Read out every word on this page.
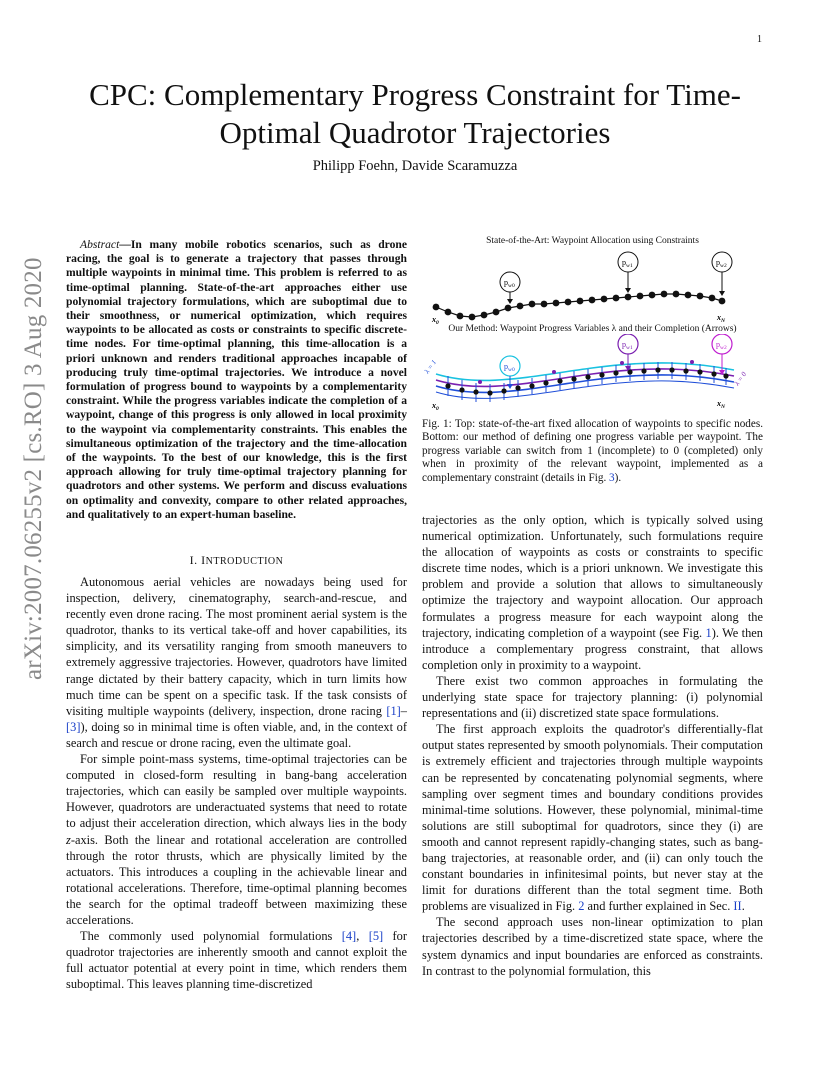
1
CPC: Complementary Progress Constraint for Time-Optimal Quadrotor Trajectories
Philipp Foehn, Davide Scaramuzza
arXiv:2007.06255v2 [cs.RO] 3 Aug 2020

Abstract—In many mobile robotics scenarios, such as drone racing, the goal is to generate a trajectory that passes through multiple waypoints in minimal time. This problem is referred to as time-optimal planning. State-of-the-art approaches either use polynomial trajectory formulations, which are suboptimal due to their smoothness, or numerical optimization, which requires waypoints to be allocated as costs or constraints to specific discrete-time nodes. For time-optimal planning, this time-allocation is a priori unknown and renders traditional approaches incapable of producing truly time-optimal trajectories. We introduce a novel formulation of progress bound to waypoints by a complementarity constraint. While the progress variables indicate the completion of a waypoint, change of this progress is only allowed in local proximity to the waypoint via complementarity constraints. This enables the simultaneous optimization of the trajectory and the time-allocation of the waypoints. To the best of our knowledge, this is the first approach allowing for truly time-optimal trajectory planning for quadrotors and other systems. We perform and discuss evaluations on optimality and convexity, compare to other related approaches, and qualitatively to an expert-human baseline.

I. INTRODUCTION

Autonomous aerial vehicles are nowadays being used for inspection, delivery, cinematography, search-and-rescue, and recently even drone racing. The most prominent aerial system is the quadrotor, thanks to its vertical take-off and hover capabilities, its simplicity, and its versatility ranging from smooth maneuvers to extremely aggressive trajectories. However, quadrotors have limited range dictated by their battery capacity, which in turn limits how much time can be spent on a specific task. If the task consists of visiting multiple waypoints (delivery, inspection, drone racing [1]–[3]), doing so in minimal time is often viable, and, in the context of search and rescue or drone racing, even the ultimate goal.

For simple point-mass systems, time-optimal trajectories can be computed in closed-form resulting in bang-bang acceleration trajectories, which can easily be sampled over multiple waypoints. However, quadrotors are underactuated systems that need to rotate to adjust their acceleration direction, which always lies in the body z-axis. Both the linear and rotational acceleration are controlled through the rotor thrusts, which are physically limited by the actuators. This introduces a coupling in the achievable linear and rotational accelerations. Therefore, time-optimal planning becomes the search for the optimal tradeoff between maximizing these accelerations.

The commonly used polynomial formulations [4], [5] for quadrotor trajectories are inherently smooth and cannot exploit the full actuator potential at every point in time, which renders them suboptimal. This leaves planning time-discretized

State-of-the-Art: Waypoint Allocation using Constraints

$p_{w0}$
$p_{w1}$	$p_{w2}$
$x_0$
$x_N$

Our Method: Waypoint Progress Variables λ and their Completion (Arrows)

$p_{w0}$
$p_{w1}$	$p_{w2}$
λ = 1
λ = 0
$x_0$
$x_N$

Fig. 1: Top: state-of-the-art fixed allocation of waypoints to specific nodes. Bottom: our method of defining one progress variable per waypoint. The progress variable can switch from 1 (incomplete) to 0 (completed) only when in proximity of the relevant waypoint, implemented as a complementary constraint (details in Fig. 3).

trajectories as the only option, which is typically solved using numerical optimization. Unfortunately, such formulations require the allocation of waypoints as costs or constraints to specific discrete time nodes, which is a priori unknown. We investigate this problem and provide a solution that allows to simultaneously optimize the trajectory and waypoint allocation. Our approach formulates a progress measure for each waypoint along the trajectory, indicating completion of a waypoint (see Fig. 1). We then introduce a complementary progress constraint, that allows completion only in proximity to a waypoint.

There exist two common approaches in formulating the underlying state space for trajectory planning: (i) polynomial representations and (ii) discretized state space formulations.

The first approach exploits the quadrotor's differentially-flat output states represented by smooth polynomials. Their computation is extremely efficient and trajectories through multiple waypoints can be represented by concatenating polynomial segments, where sampling over segment times and boundary conditions provides minimal-time solutions. However, these polynomial, minimal-time solutions are still suboptimal for quadrotors, since they (i) are smooth and cannot represent rapidly-changing states, such as bang-bang trajectories, at reasonable order, and (ii) can only touch the constant boundaries in infinitesimal points, but never stay at the limit for durations different than the total segment time. Both problems are visualized in Fig. 2 and further explained in Sec. II.

The second approach uses non-linear optimization to plan trajectories described by a time-discretized state space, where the system dynamics and input boundaries are enforced as constraints. In contrast to the polynomial formulation, this
